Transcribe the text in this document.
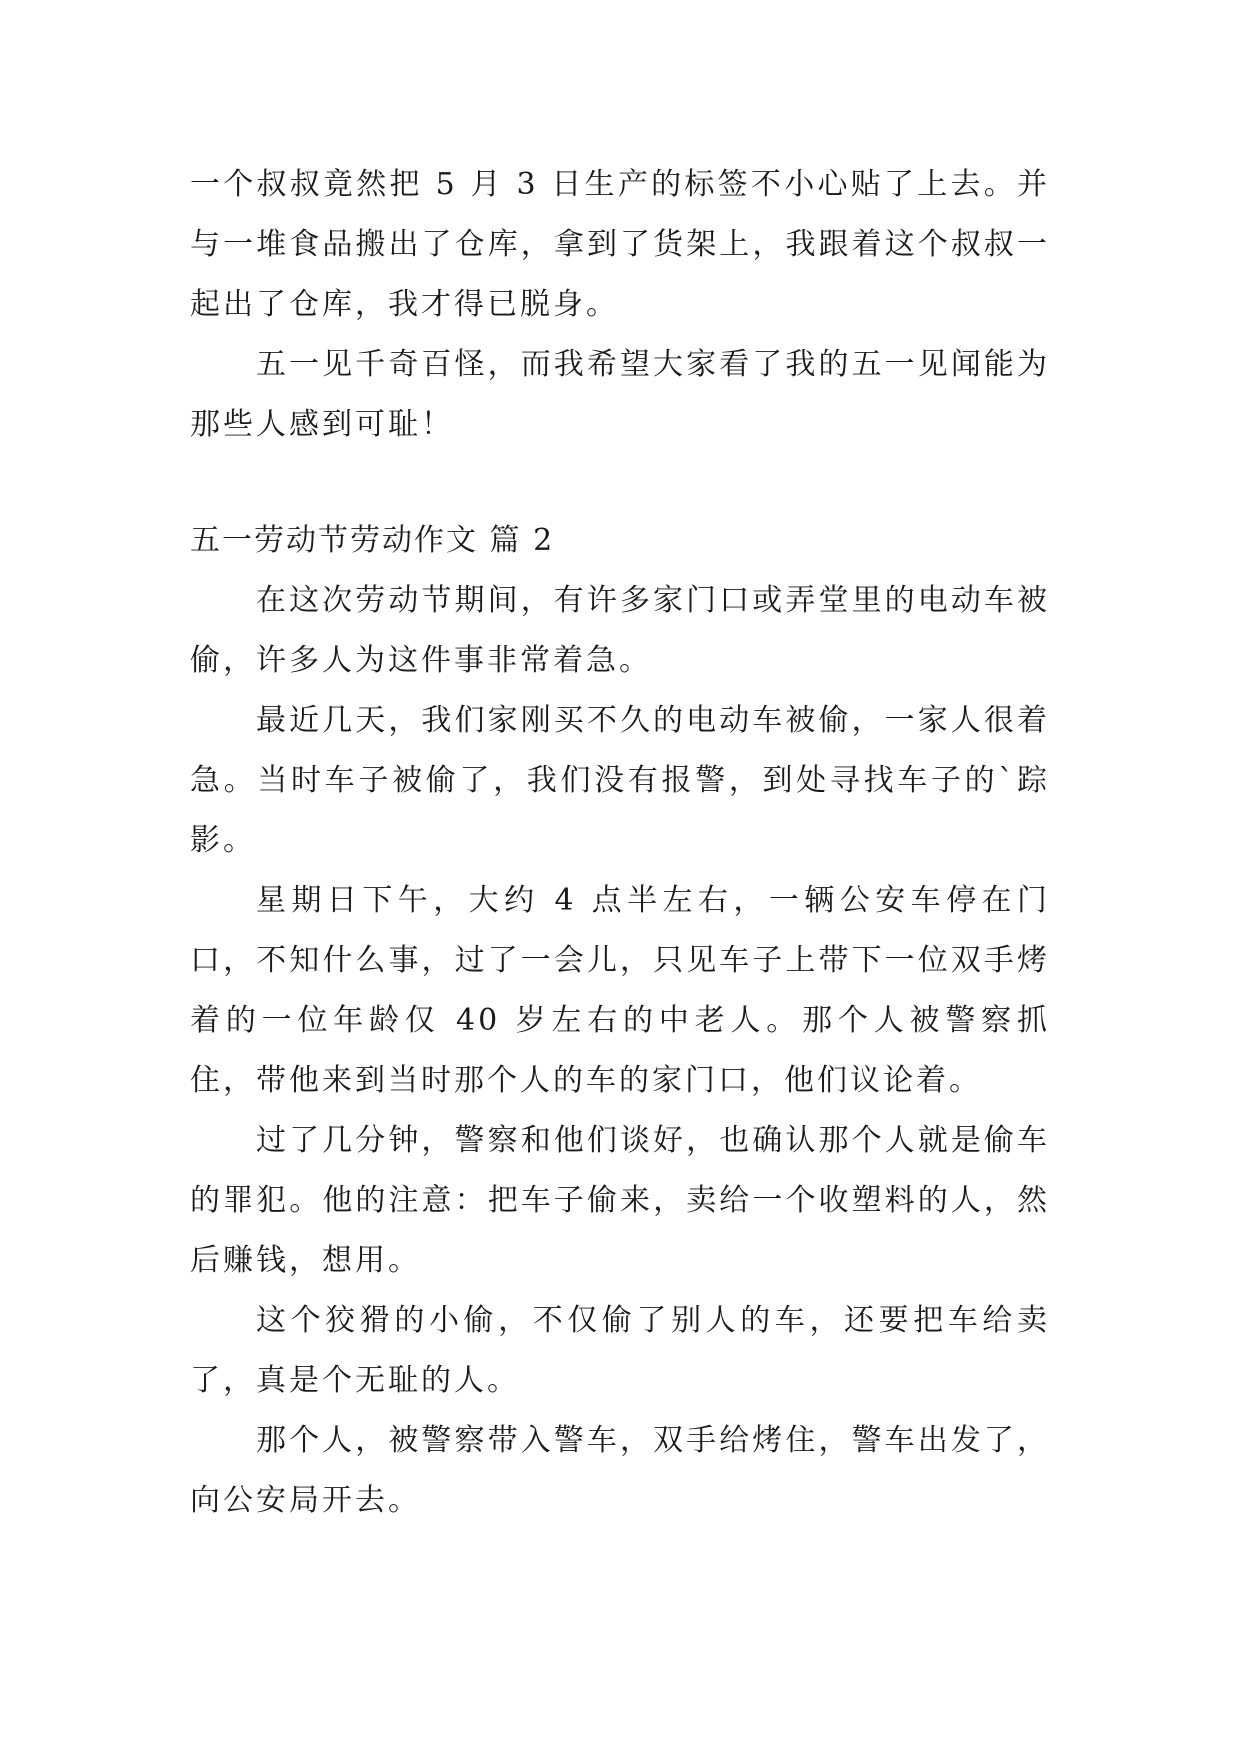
一个叔叔竟然把 5 月 3 日生产的标签不小心贴了上去。并与一堆食品搬出了仓库，拿到了货架上，我跟着这个叔叔一起出了仓库，我才得已脱身。

五一见千奇百怪，而我希望大家看了我的五一见闻能为那些人感到可耻！

五一劳动节劳动作文 篇 2

在这次劳动节期间，有许多家门口或弄堂里的电动车被偷，许多人为这件事非常着急。

最近几天，我们家刚买不久的电动车被偷，一家人很着急。当时车子被偷了，我们没有报警，到处寻找车子的`踪影。

星期日下午，大约 4 点半左右，一辆公安车停在门口，不知什么事，过了一会儿，只见车子上带下一位双手烤着的一位年龄仅 40 岁左右的中老人。那个人被警察抓住，带他来到当时那个人的车的家门口，他们议论着。

过了几分钟，警察和他们谈好，也确认那个人就是偷车的罪犯。他的注意：把车子偷来，卖给一个收塑料的人，然后赚钱，想用。

这个狡猾的小偷，不仅偷了别人的车，还要把车给卖了，真是个无耻的人。

那个人，被警察带入警车，双手给烤住，警车出发了，向公安局开去。
